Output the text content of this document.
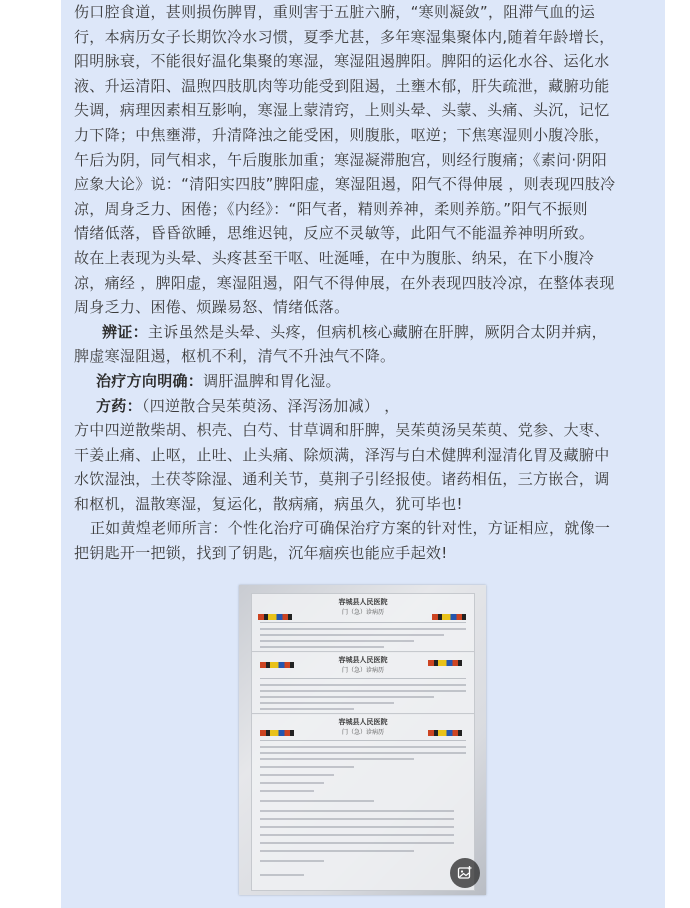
伤口腔食道，甚则损伤脾胃，重则害于五脏六腑，“寒则凝敛”，阻滞气血的运
行，本病历女子长期饮冷水习惯，夏季尤甚，多年寒湿集聚体内,随着年龄增长，
阳明脉衰，不能很好温化集聚的寒湿，寒湿阻遏脾阳。脾阳的运化水谷、运化水
液、升运清阳、温煦四肢肌肉等功能受到阻遏，土壅木郁，肝失疏泄，藏腑功能
失调，病理因素相互影响，寒湿上蒙清窍，上则头晕、头蒙、头痛、头沉，记忆
力下降；中焦壅滞，升清降浊之能受困，则腹胀，呕逆；下焦寒湿则小腹冷胀，
午后为阴，同气相求，午后腹胀加重；寒湿凝滞胞宫，则经行腹痛；《素问·阴阳
应象大论》说：“清阳实四肢”脾阳虚，寒湿阻遏，阳气不得伸展 ，则表现四肢冷
凉，周身乏力、困倦；《内经》：“阳气者，精则养神，柔则养筋。”阳气不振则
情绪低落，昏昏欲睡，思维迟钝，反应不灵敏等，此阳气不能温养神明所致。
故在上表现为头晕、头疼甚至干呕、吐涎唾，在中为腹胀、纳呆，在下小腹冷
凉，痛经 ，脾阳虚，寒湿阻遏，阳气不得伸展，在外表现四肢冷凉，在整体表现
周身乏力、困倦、烦躁易怒、情绪低落。

辨证：主诉虽然是头晕、头疼，但病机核心藏腑在肝脾，厥阴合太阴并病，
脾虚寒湿阻遏，枢机不利，清气不升浊气不降。

治疗方向明确：调肝温脾和胃化湿。

方药：（四逆散合吴茱萸汤、泽泻汤加减） ，
方中四逆散柴胡、枳壳、白芍、甘草调和肝脾，吴茱萸汤吴茱萸、党参、大枣、
干姜止痛、止呕，止吐、止头痛、除烦满，泽泻与白术健脾利湿清化胃及藏腑中
水饮湿浊，土茯苓除湿、通利关节，莫荆子引经报使。诸药相伍，三方嵌合，调
和枢机，温散寒湿，复运化，散病痛，病虽久，犹可毕也!

正如黄煌老师所言：个性化治疗可确保治疗方案的针对性，方证相应，就像一
把钥匙开一把锁，找到了钥匙，沉年痼疾也能应手起效!

容城县人民医院
门（急）诊病历
容城县人民医院
门（急）诊病历
容城县人民医院
门（急）诊病历
